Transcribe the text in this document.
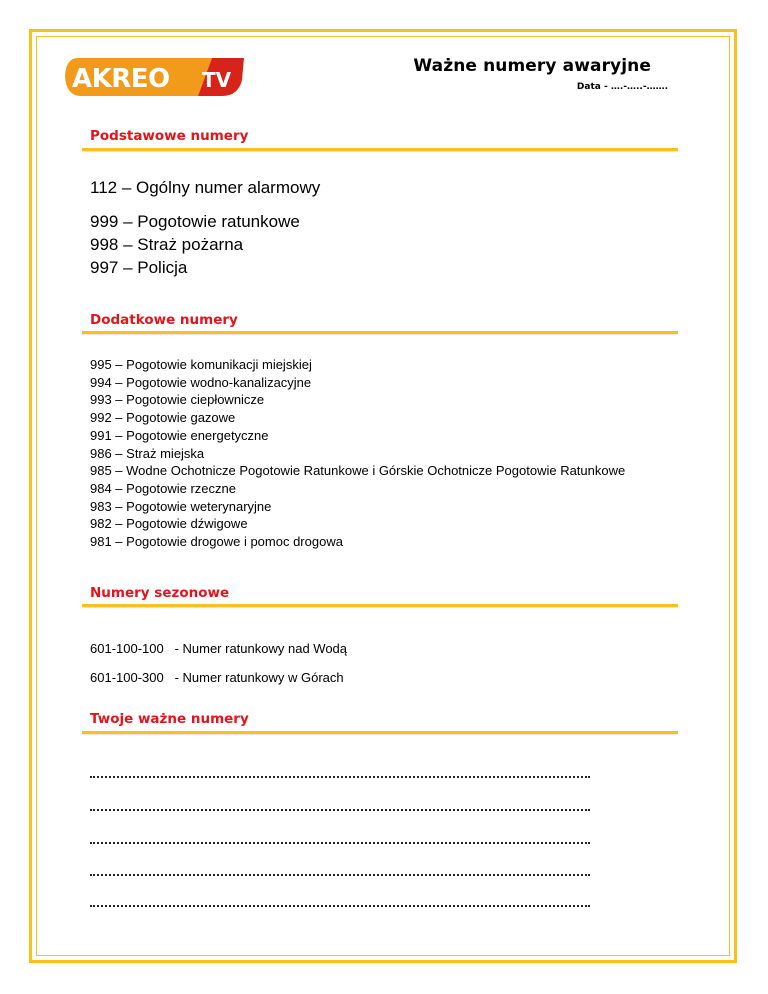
AKREO TV
Ważne numery awaryjne
Data - ….-…..-…….
Podstawowe numery
112 – Ogólny numer alarmowy
999 – Pogotowie ratunkowe
998 – Straż pożarna
997 – Policja
Dodatkowe numery
995 – Pogotowie komunikacji miejskiej
994 – Pogotowie wodno-kanalizacyjne
993 – Pogotowie ciepłownicze
992 – Pogotowie gazowe
991 – Pogotowie energetyczne
986 – Straż miejska
985 – Wodne Ochotnicze Pogotowie Ratunkowe i Górskie Ochotnicze Pogotowie Ratunkowe
984 – Pogotowie rzeczne
983 – Pogotowie weterynaryjne
982 – Pogotowie dźwigowe
981 – Pogotowie drogowe i pomoc drogowa
Numery sezonowe
601-100-100   - Numer ratunkowy nad Wodą
601-100-300   - Numer ratunkowy w Górach
Twoje ważne numery
